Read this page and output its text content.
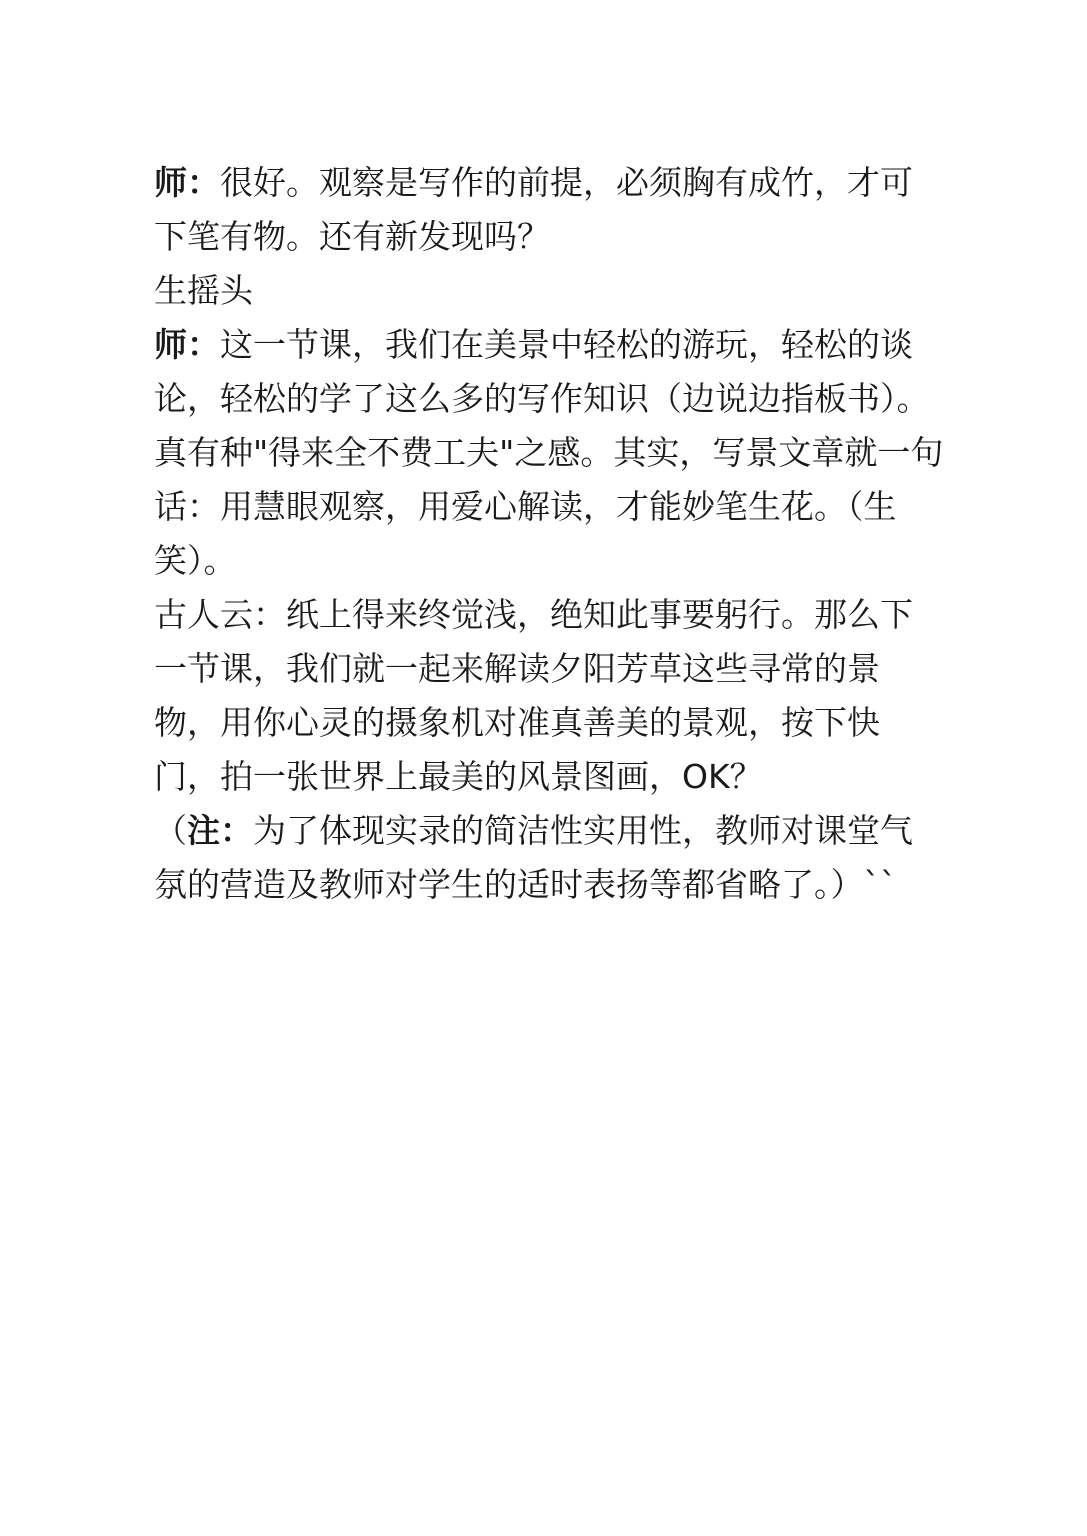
师：很好。观察是写作的前提，必须胸有成竹，才可下笔有物。还有新发现吗？

生摇头

师：这一节课，我们在美景中轻松的游玩，轻松的谈论，轻松的学了这么多的写作知识（边说边指板书）。真有种"得来全不费工夫"之感。其实，写景文章就一句话：用慧眼观察，用爱心解读，才能妙笔生花。（生笑）。

古人云：纸上得来终觉浅，绝知此事要躬行。那么下一节课，我们就一起来解读夕阳芳草这些寻常的景物，用你心灵的摄象机对准真善美的景观，按下快门，拍一张世界上最美的风景图画，OK？

（注：为了体现实录的简洁性实用性，教师对课堂气氛的营造及教师对学生的适时表扬等都省略了。）``
